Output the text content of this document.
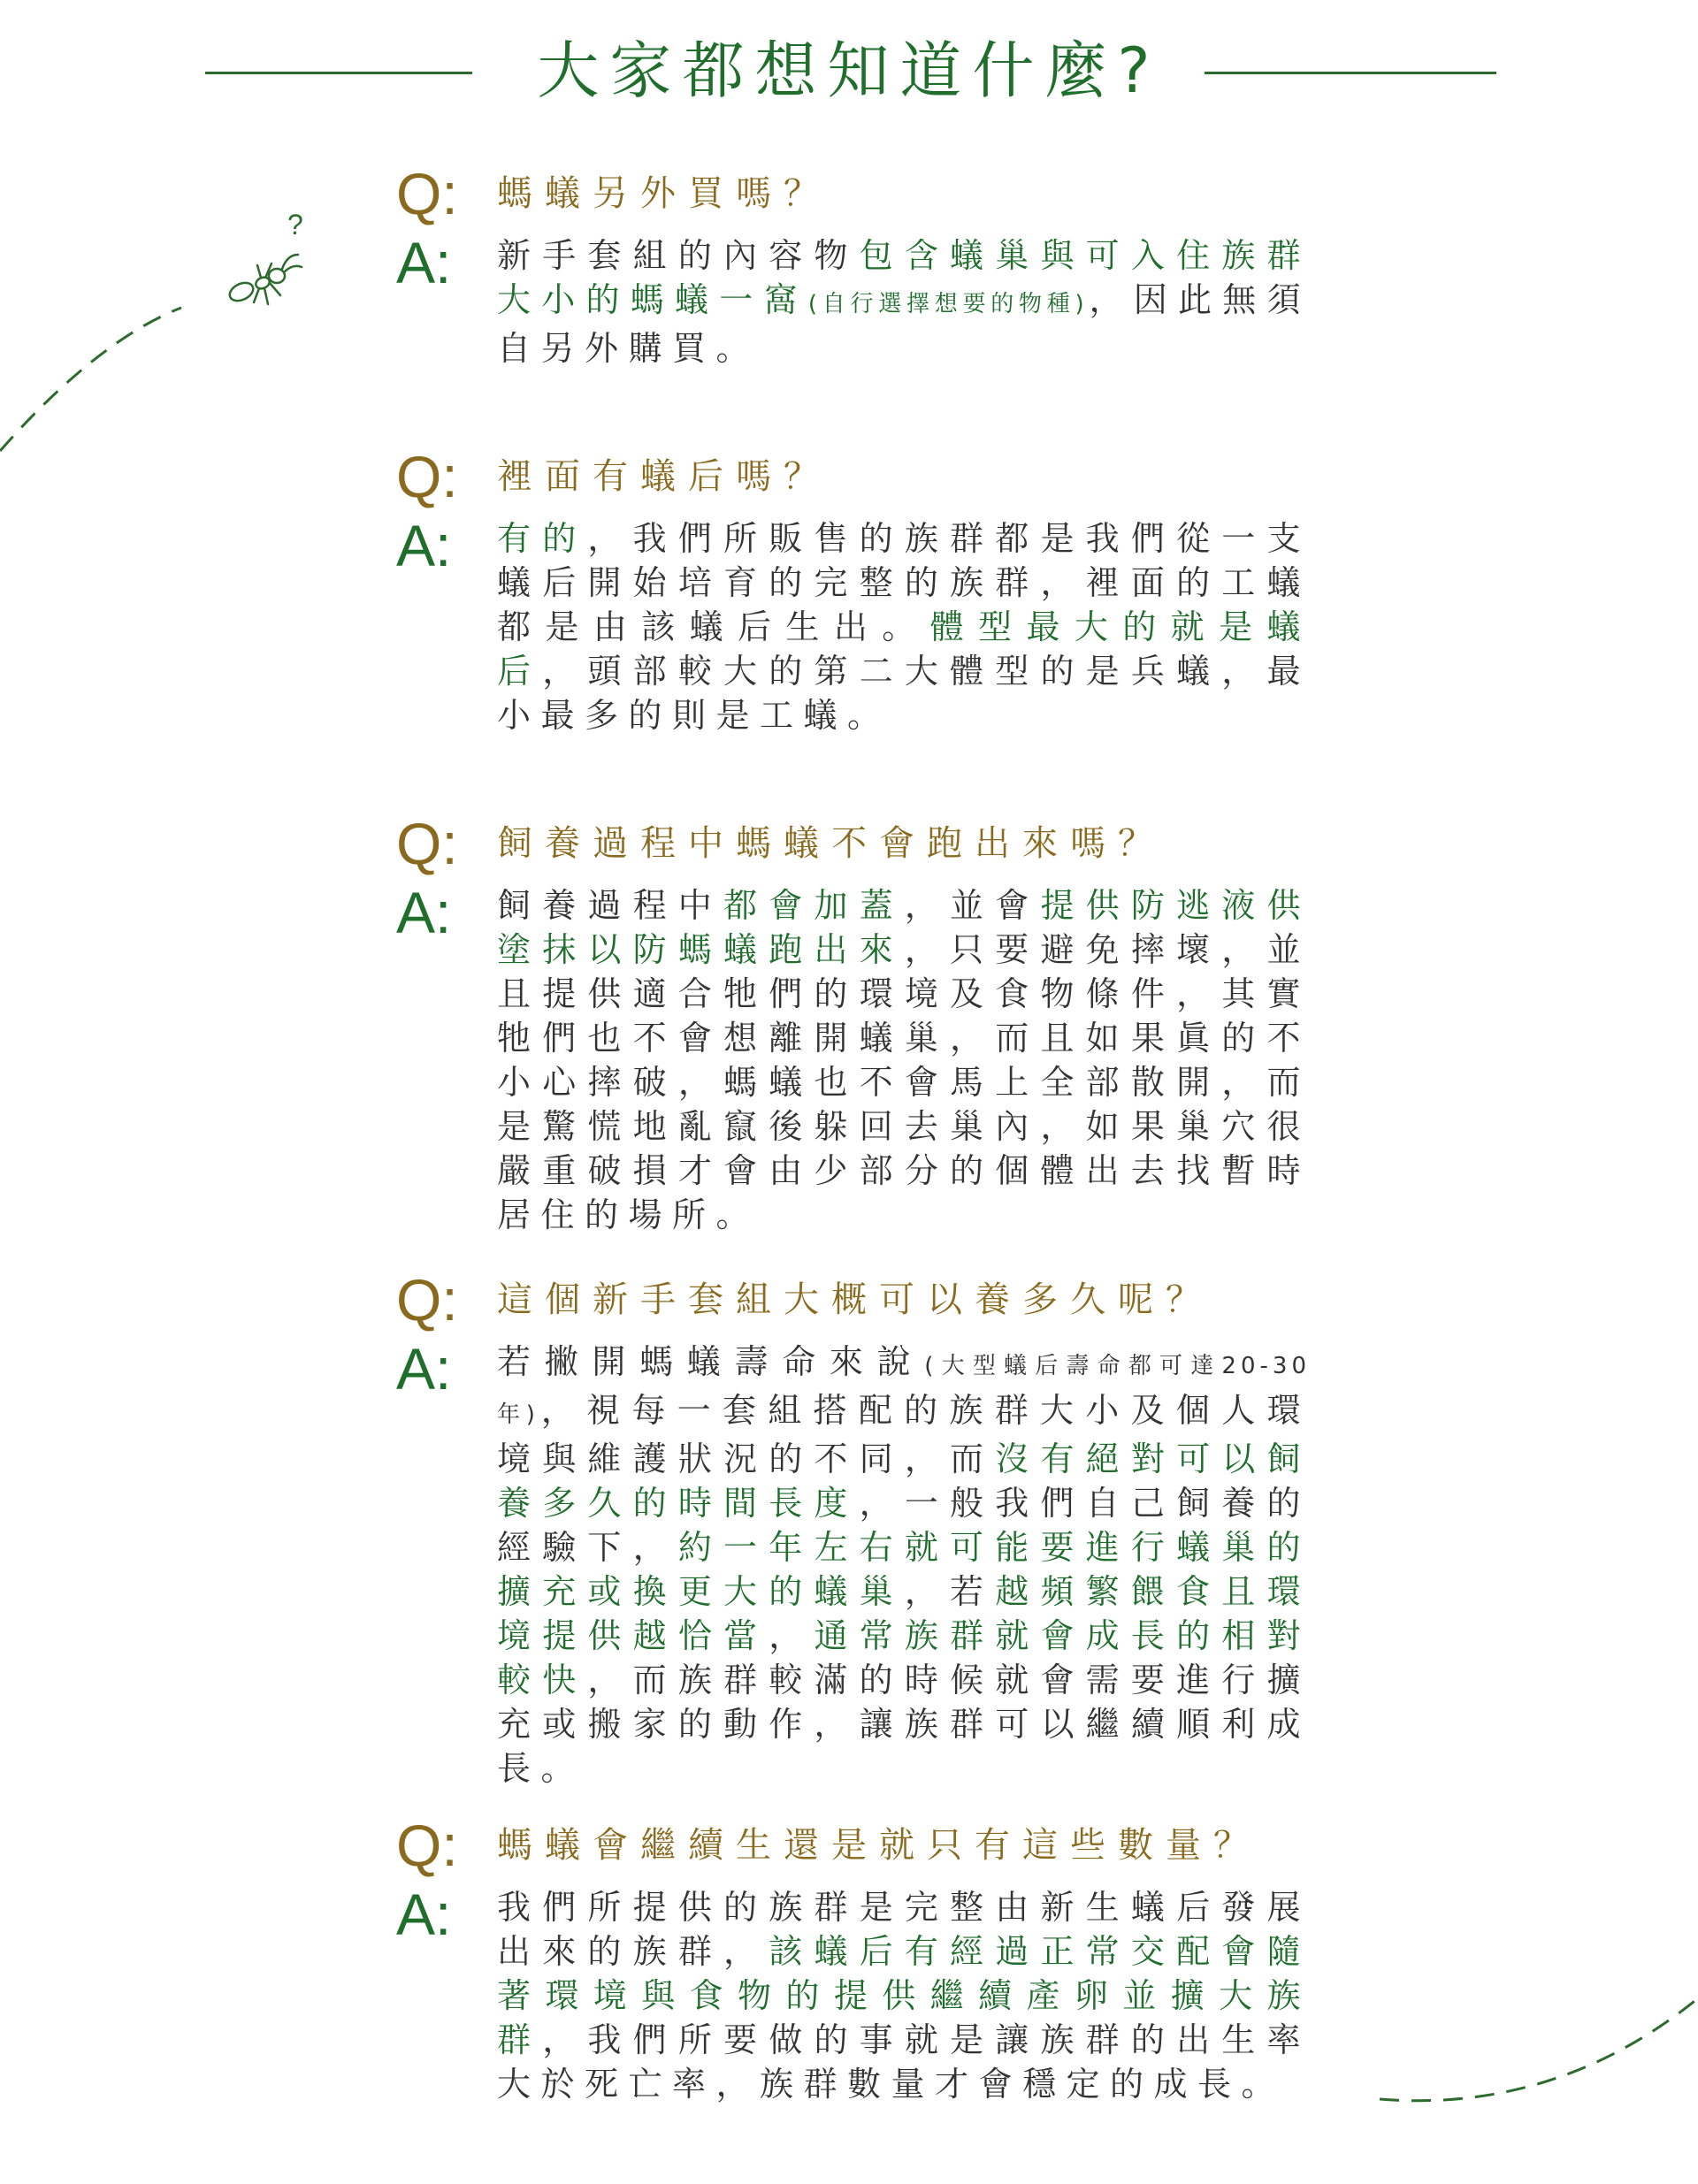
大家都想知道什麼?
? Q: 螞蟻另外買嗎？
A: 新手套組的內容物包含蟻巢與可入住族群大小的螞蟻一窩(自行選擇想要的物種)，因此無須自另外購買。
Q: 裡面有蟻后嗎？
A: 有的，我們所販售的族群都是我們從一支蟻后開始培育的完整的族群，裡面的工蟻都是由該蟻后生出。體型最大的就是蟻后，頭部較大的第二大體型的是兵蟻，最小最多的則是工蟻。
Q: 飼養過程中螞蟻不會跑出來嗎？
A: 飼養過程中都會加蓋，並會提供防逃液供塗抹以防螞蟻跑出來，只要避免摔壞，並且提供適合牠們的環境及食物條件，其實牠們也不會想離開蟻巢，而且如果眞的不小心摔破，螞蟻也不會馬上全部散開，而是驚慌地亂竄後躲回去巢內，如果巢穴很嚴重破損才會由少部分的個體出去找暫時居住的場所。
Q: 這個新手套組大概可以養多久呢？
A: 若撇開螞蟻壽命來說(大型蟻后壽命都可達20-30年)，視每一套組搭配的族群大小及個人環境與維護狀況的不同，而沒有絕對可以飼養多久的時間長度，一般我們自己飼養的經驗下，約一年左右就可能要進行蟻巢的擴充或換更大的蟻巢，若越頻繁餵食且環境提供越恰當，通常族群就會成長的相對較快，而族群較滿的時候就會需要進行擴充或搬家的動作，讓族群可以繼續順利成長。
Q: 螞蟻會繼續生還是就只有這些數量？
A: 我們所提供的族群是完整由新生蟻后發展出來的族群，該蟻后有經過正常交配會隨著環境與食物的提供繼續產卵並擴大族群，我們所要做的事就是讓族群的出生率大於死亡率，族群數量才會穩定的成長。
